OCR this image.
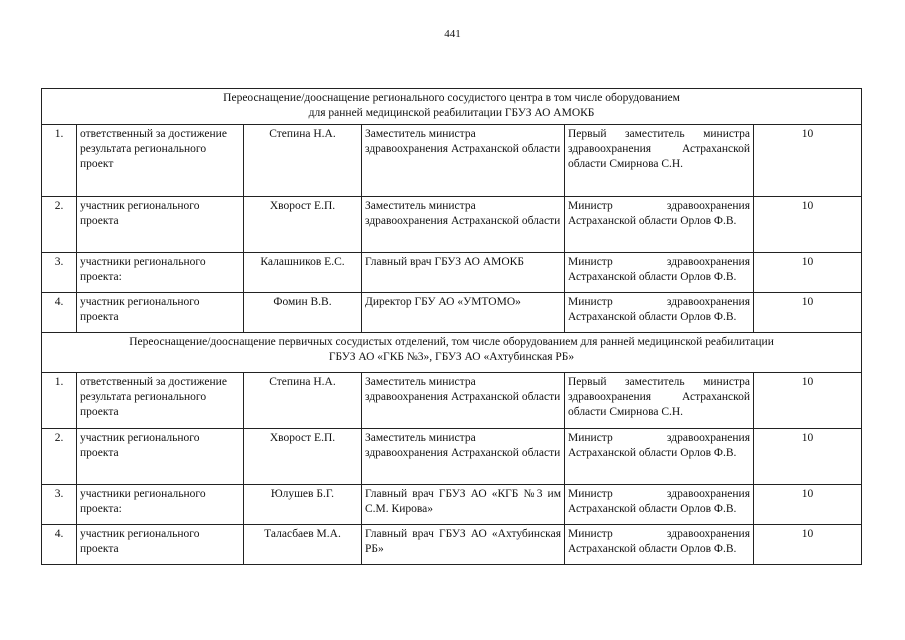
441
Переоснащение/дооснащение регионального сосудистого центра в том числе оборудованием
для ранней медицинской реабилитации ГБУЗ АО АМОКБ					

1.	ответственный за достижение результата регионального проект	Степина Н.А.	Заместитель министра здравоохранения Астраханской области	Первый заместитель министра здравоохранения Астраханской области Смирнова С.Н.	10
2.	участник регионального проекта	Хворост Е.П.	Заместитель министра здравоохранения Астраханской области	Министр здравоохранения Астраханской области Орлов Ф.В.	10
3.	участники регионального проекта:	Калашников Е.С.	Главный врач ГБУЗ АО АМОКБ	Министр здравоохранения Астраханской области Орлов Ф.В.	10
4.	участник регионального проекта	Фомин В.В.	Директор ГБУ АО «УМТОМО»	Министр здравоохранения Астраханской области Орлов Ф.В.	10

Переоснащение/дооснащение первичных сосудистых отделений, том числе оборудованием для ранней медицинской реабилитации
ГБУЗ АО «ГКБ №3», ГБУЗ АО «Ахтубинская РБ»					

1.	ответственный за достижение результата регионального проекта	Степина Н.А.	Заместитель министра здравоохранения Астраханской области	Первый заместитель министра здравоохранения Астраханской области Смирнова С.Н.	10
2.	участник регионального проекта	Хворост Е.П.	Заместитель министра здравоохранения Астраханской области	Министр здравоохранения Астраханской области Орлов Ф.В.	10
3.	участники регионального проекта:	Юлушев Б.Г.	Главный врач ГБУЗ АО «КГБ №3 им С.М. Кирова»	Министр здравоохранения Астраханской области Орлов Ф.В.	10
4.	участник регионального проекта	Таласбаев М.А.	Главный врач ГБУЗ АО «Ахтубинская РБ»	Министр здравоохранения Астраханской области Орлов Ф.В.	10
